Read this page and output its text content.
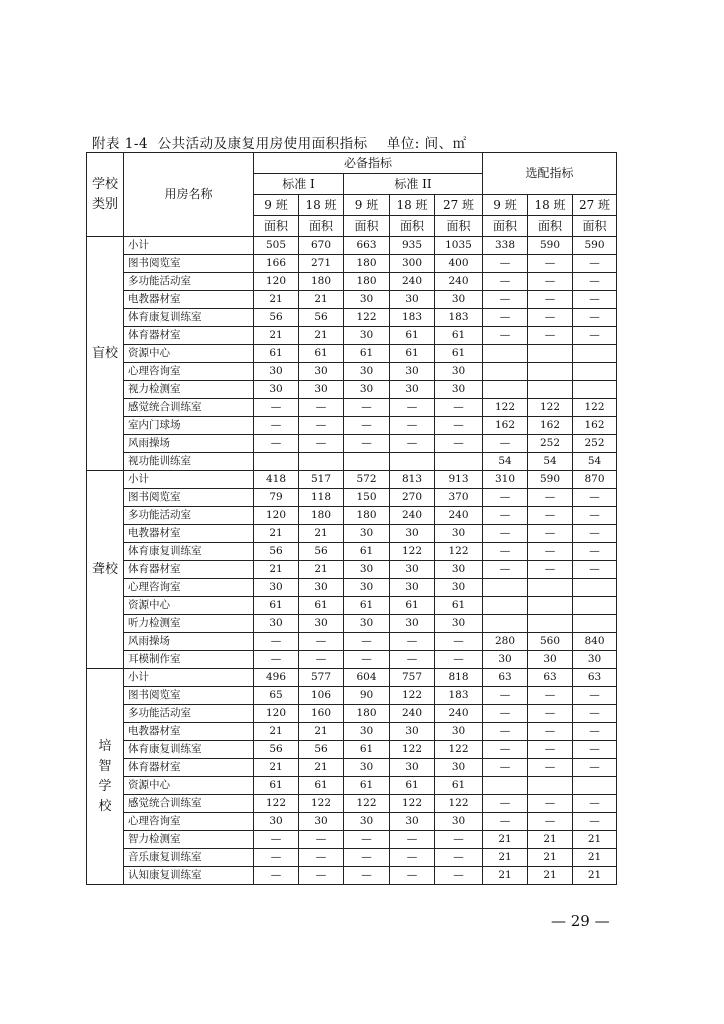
附表 1-4  公共活动及康复用房使用面积指标    单位: 间、㎡
学校类别	用房名称	必备指标					选配指标		
		标准 I		标准 II					
		9 班	18 班	9 班	18 班	27 班	9 班	18 班	27 班
		面积	面积	面积	面积	面积	面积	面积	面积
盲校	小计	505	670	663	935	1035	338	590	590
	图书阅览室	166	271	180	300	400	—	—	—
	多功能活动室	120	180	180	240	240	—	—	—
	电教器材室	21	21	30	30	30	—	—	—
	体育康复训练室	56	56	122	183	183	—	—	—
	体育器材室	21	21	30	61	61	—	—	—
	资源中心	61	61	61	61	61			
	心理咨询室	30	30	30	30	30			
	视力检测室	30	30	30	30	30			
	感觉统合训练室	—	—	—	—	—	122	122	122
	室内门球场	—	—	—	—	—	162	162	162
	风雨操场	—	—	—	—	—	—	252	252
	视功能训练室						54	54	54
聋校	小计	418	517	572	813	913	310	590	870
	图书阅览室	79	118	150	270	370	—	—	—
	多功能活动室	120	180	180	240	240	—	—	—
	电教器材室	21	21	30	30	30	—	—	—
	体育康复训练室	56	56	61	122	122	—	—	—
	体育器材室	21	21	30	30	30	—	—	—
	心理咨询室	30	30	30	30	30			
	资源中心	61	61	61	61	61			
	听力检测室	30	30	30	30	30			
	风雨操场	—	—	—	—	—	280	560	840
	耳模制作室	—	—	—	—	—	30	30	30
培智学校	小计	496	577	604	757	818	63	63	63
	图书阅览室	65	106	90	122	183	—	—	—
	多功能活动室	120	160	180	240	240	—	—	—
	电教器材室	21	21	30	30	30	—	—	—
	体育康复训练室	56	56	61	122	122	—	—	—
	体育器材室	21	21	30	30	30	—	—	—
	资源中心	61	61	61	61	61			
	感觉统合训练室	122	122	122	122	122	—	—	—
	心理咨询室	30	30	30	30	30	—	—	—
	智力检测室	—	—	—	—	—	21	21	21
	音乐康复训练室	—	—	—	—	—	21	21	21
	认知康复训练室	—	—	—	—	—	21	21	21
— 29 —
